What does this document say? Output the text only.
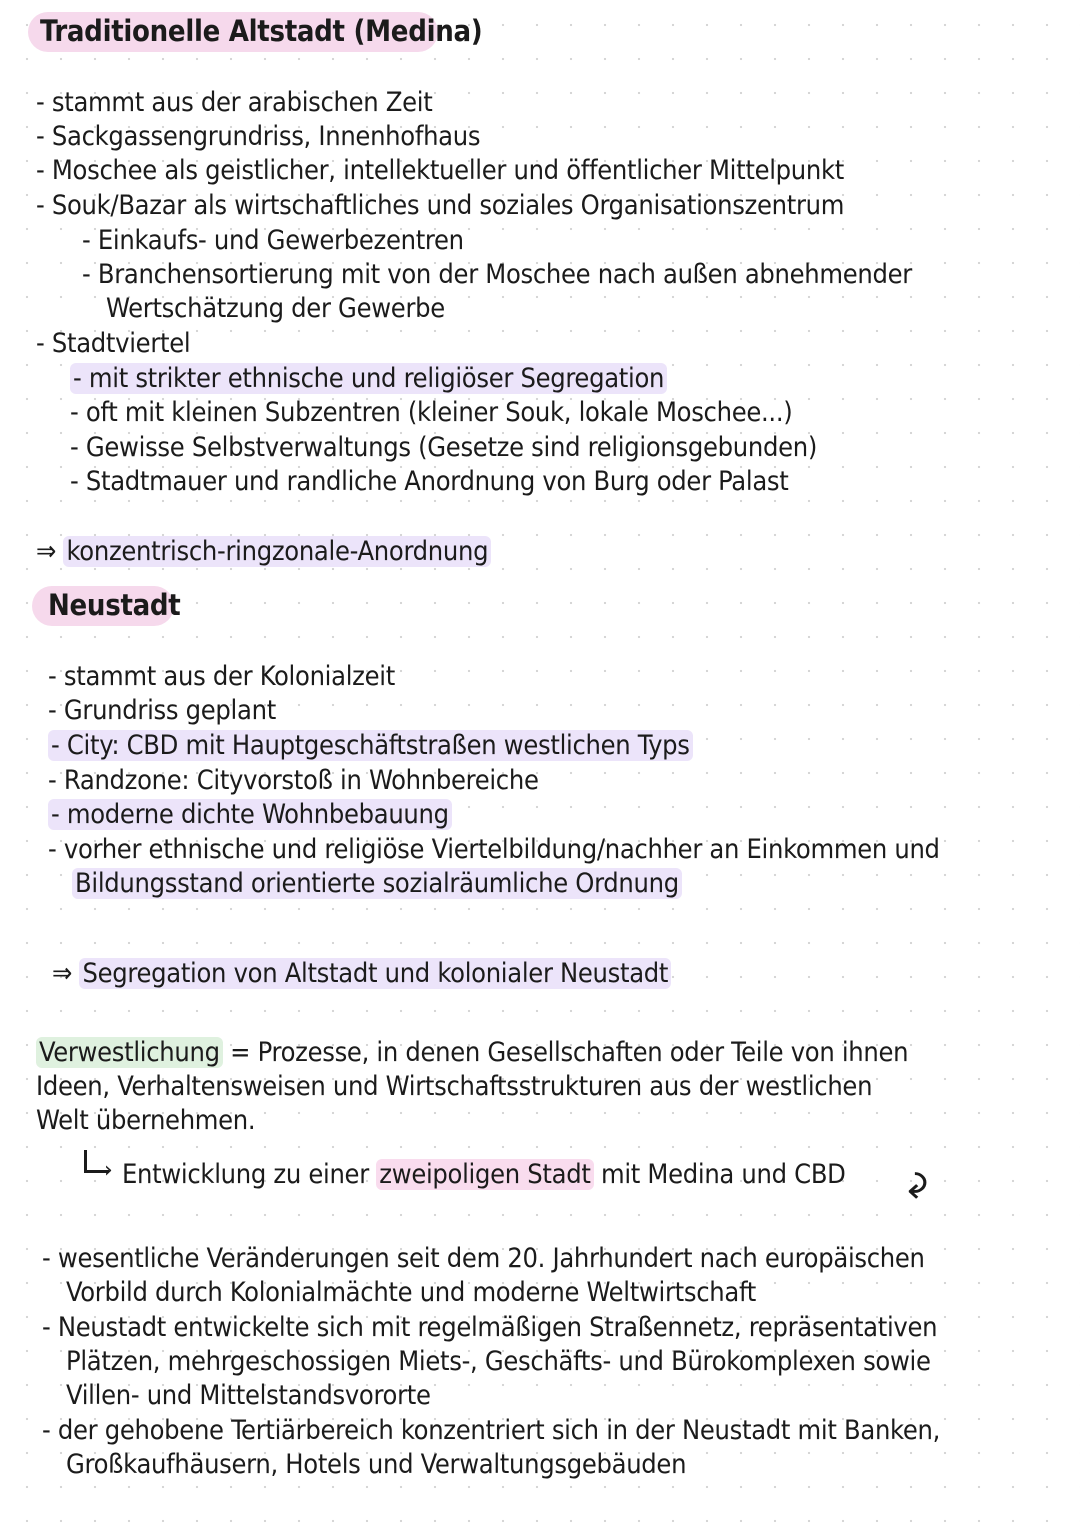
Traditionelle Altstadt (Medina)
- stammt aus der arabischen Zeit
- Sackgassengrundriss, Innenhofhaus
- Moschee als geistlicher, intellektueller und öffentlicher Mittelpunkt
- Souk/Bazar als wirtschaftliches und soziales Organisationszentrum
- Einkaufs- und Gewerbezentren
- Branchensortierung mit von der Moschee nach außen abnehmender
Wertschätzung der Gewerbe
- Stadtviertel
- mit strikter ethnische und religiöser Segregation
- oft mit kleinen Subzentren (kleiner Souk, lokale Moschee...)
- Gewisse Selbstverwaltungs (Gesetze sind religionsgebunden)
- Stadtmauer und randliche Anordnung von Burg oder Palast
⇒ konzentrisch-ringzonale-Anordnung
Neustadt
- stammt aus der Kolonialzeit
- Grundriss geplant
- City: CBD mit Hauptgeschäftstraßen westlichen Typs
- Randzone: Cityvorstoß in Wohnbereiche
- moderne dichte Wohnbebauung
- vorher ethnische und religiöse Viertelbildung/nachher an Einkommen und
Bildungsstand orientierte sozialräumliche Ordnung
⇒ Segregation von Altstadt und kolonialer Neustadt
Verwestlichung = Prozesse, in denen Gesellschaften oder Teile von ihnen
Ideen, Verhaltensweisen und Wirtschaftsstrukturen aus der westlichen
Welt übernehmen.
› Entwicklung zu einer zweipoligen Stadt mit Medina und CBD ↷
- wesentliche Veränderungen seit dem 20. Jahrhundert nach europäischen
Vorbild durch Kolonialmächte und moderne Weltwirtschaft
- Neustadt entwickelte sich mit regelmäßigen Straßennetz, repräsentativen
Plätzen, mehrgeschossigen Miets-, Geschäfts- und Bürokomplexen sowie
Villen- und Mittelstandsvororte
- der gehobene Tertiärbereich konzentriert sich in der Neustadt mit Banken,
Großkaufhäusern, Hotels und Verwaltungsgebäuden
